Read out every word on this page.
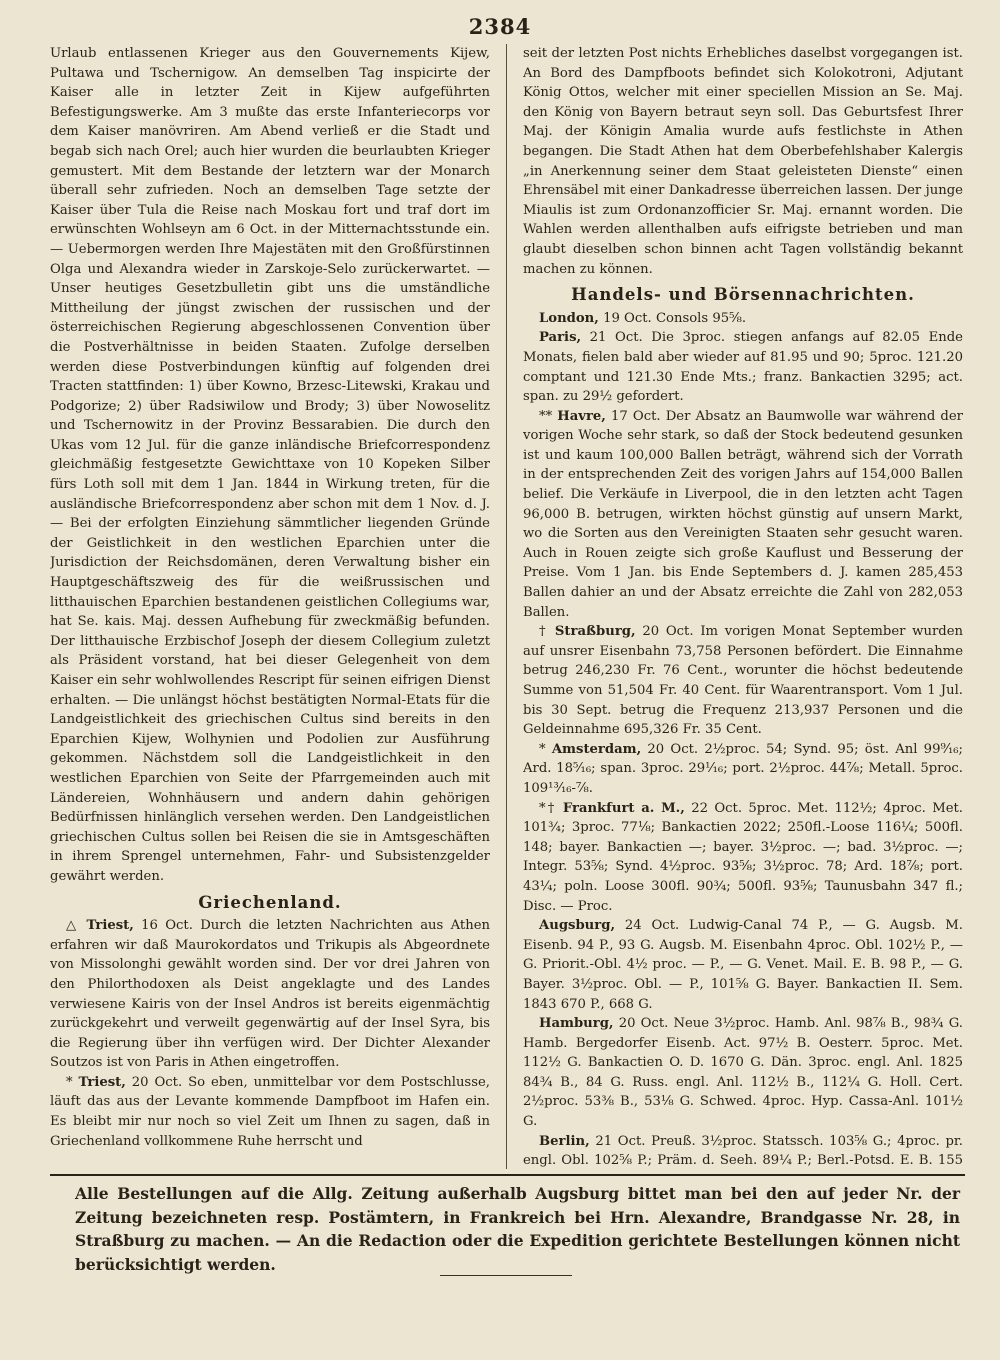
2384

Urlaub entlassenen Krieger aus den Gouvernements Kijew, Pultawa und Tschernigow. An demselben Tag inspicirte der Kaiser alle in letzter Zeit in Kijew aufgeführten Befestigungswerke. Am 3 mußte das erste Infanteriecorps vor dem Kaiser manövriren. Am Abend verließ er die Stadt und begab sich nach Orel; auch hier wurden die beurlaubten Krieger gemustert. Mit dem Bestande der letztern war der Monarch überall sehr zufrieden. Noch an demselben Tage setzte der Kaiser über Tula die Reise nach Moskau fort und traf dort im erwünschten Wohlseyn am 6 Oct. in der Mitternachtsstunde ein. — Uebermorgen werden Ihre Majestäten mit den Großfürstinnen Olga und Alexandra wieder in Zarskoje-Selo zurückerwartet. — Unser heutiges Gesetzbulletin gibt uns die umständliche Mittheilung der jüngst zwischen der russischen und der österreichischen Regierung abgeschlossenen Convention über die Postverhältnisse in beiden Staaten. Zufolge derselben werden diese Postverbindungen künftig auf folgenden drei Tracten stattfinden: 1) über Kowno, Brzesc-Litewski, Krakau und Podgorize; 2) über Radsiwilow und Brody; 3) über Nowoselitz und Tschernowitz in der Provinz Bessarabien. Die durch den Ukas vom 12 Jul. für die ganze inländische Briefcorrespondenz gleichmäßig festgesetzte Gewichttaxe von 10 Kopeken Silber fürs Loth soll mit dem 1 Jan. 1844 in Wirkung treten, für die ausländische Briefcorrespondenz aber schon mit dem 1 Nov. d. J. — Bei der erfolgten Einziehung sämmtlicher liegenden Gründe der Geistlichkeit in den westlichen Eparchien unter die Jurisdiction der Reichsdomänen, deren Verwaltung bisher ein Hauptgeschäftszweig des für die weißrussischen und litthauischen Eparchien bestandenen geistlichen Collegiums war, hat Se. kais. Maj. dessen Aufhebung für zweckmäßig befunden. Der litthauische Erzbischof Joseph der diesem Collegium zuletzt als Präsident vorstand, hat bei dieser Gelegenheit von dem Kaiser ein sehr wohlwollendes Rescript für seinen eifrigen Dienst erhalten. — Die unlängst höchst bestätigten Normal-Etats für die Landgeistlichkeit des griechischen Cultus sind bereits in den Eparchien Kijew, Wolhynien und Podolien zur Ausführung gekommen. Nächstdem soll die Landgeistlichkeit in den westlichen Eparchien von Seite der Pfarrgemeinden auch mit Ländereien, Wohnhäusern und andern dahin gehörigen Bedürfnissen hinlänglich versehen werden. Den Landgeistlichen griechischen Cultus sollen bei Reisen die sie in Amtsgeschäften in ihrem Sprengel unternehmen, Fahr- und Subsistenzgelder gewährt werden.

Griechenland.

△ Triest, 16 Oct. Durch die letzten Nachrichten aus Athen erfahren wir daß Maurokordatos und Trikupis als Abgeordnete von Missolonghi gewählt worden sind. Der vor drei Jahren von den Philorthodoxen als Deist angeklagte und des Landes verwiesene Kairis von der Insel Andros ist bereits eigenmächtig zurückgekehrt und verweilt gegenwärtig auf der Insel Syra, bis die Regierung über ihn verfügen wird. Der Dichter Alexander Soutzos ist von Paris in Athen eingetroffen.

* Triest, 20 Oct. So eben, unmittelbar vor dem Postschlusse, läuft das aus der Levante kommende Dampfboot im Hafen ein. Es bleibt mir nur noch so viel Zeit um Ihnen zu sagen, daß in Griechenland vollkommene Ruhe herrscht und

seit der letzten Post nichts Erhebliches daselbst vorgegangen ist. An Bord des Dampfboots befindet sich Kolokotroni, Adjutant König Ottos, welcher mit einer speciellen Mission an Se. Maj. den König von Bayern betraut seyn soll. Das Geburtsfest Ihrer Maj. der Königin Amalia wurde aufs festlichste in Athen begangen. Die Stadt Athen hat dem Oberbefehlshaber Kalergis „in Anerkennung seiner dem Staat geleisteten Dienste“ einen Ehrensäbel mit einer Dankadresse überreichen lassen. Der junge Miaulis ist zum Ordonanzofficier Sr. Maj. ernannt worden. Die Wahlen werden allenthalben aufs eifrigste betrieben und man glaubt dieselben schon binnen acht Tagen vollständig bekannt machen zu können.

Handels- und Börsennachrichten.

London, 19 Oct. Consols 95⅝.

Paris, 21 Oct. Die 3proc. stiegen anfangs auf 82.05 Ende Monats, fielen bald aber wieder auf 81.95 und 90; 5proc. 121.20 comptant und 121.30 Ende Mts.; franz. Bankactien 3295; act. span. zu 29½ gefordert.

** Havre, 17 Oct. Der Absatz an Baumwolle war während der vorigen Woche sehr stark, so daß der Stock bedeutend gesunken ist und kaum 100,000 Ballen beträgt, während sich der Vorrath in der entsprechenden Zeit des vorigen Jahrs auf 154,000 Ballen belief. Die Verkäufe in Liverpool, die in den letzten acht Tagen 96,000 B. betrugen, wirkten höchst günstig auf unsern Markt, wo die Sorten aus den Vereinigten Staaten sehr gesucht waren. Auch in Rouen zeigte sich große Kauflust und Besserung der Preise. Vom 1 Jan. bis Ende Septembers d. J. kamen 285,453 Ballen dahier an und der Absatz erreichte die Zahl von 282,053 Ballen.

† Straßburg, 20 Oct. Im vorigen Monat September wurden auf unsrer Eisenbahn 73,758 Personen befördert. Die Einnahme betrug 246,230 Fr. 76 Cent., worunter die höchst bedeutende Summe von 51,504 Fr. 40 Cent. für Waarentransport. Vom 1 Jul. bis 30 Sept. betrug die Frequenz 213,937 Personen und die Geldeinnahme 695,326 Fr. 35 Cent.

* Amsterdam, 20 Oct. 2½proc. 54; Synd. 95; öst. Anl 99⁹⁄₁₆; Ard. 18⁵⁄₁₆; span. 3proc. 29¹⁄₁₆; port. 2½proc. 44⅞; Metall. 5proc. 109¹³⁄₁₆-⅞.

*† Frankfurt a. M., 22 Oct. 5proc. Met. 112½; 4proc. Met. 101¾; 3proc. 77⅛; Bankactien 2022; 250fl.-Loose 116¼; 500fl. 148; bayer. Bankactien —; bayer. 3½proc. —; bad. 3½proc. —; Integr. 53⅝; Synd. 4½proc. 93⅝; 3½proc. 78; Ard. 18⅞; port. 43¼; poln. Loose 300fl. 90¾; 500fl. 93⅝; Taunusbahn 347 fl.; Disc. — Proc.

Augsburg, 24 Oct. Ludwig-Canal 74 P., — G. Augsb. M. Eisenb. 94 P., 93 G. Augsb. M. Eisenbahn 4proc. Obl. 102½ P., — G. Priorit.-Obl. 4½ proc. — P., — G. Venet. Mail. E. B. 98 P., — G. Bayer. 3½proc. Obl. — P., 101⅝ G. Bayer. Bankactien II. Sem. 1843 670 P., 668 G.

Hamburg, 20 Oct. Neue 3½proc. Hamb. Anl. 98⅞ B., 98¾ G. Hamb. Bergedorfer Eisenb. Act. 97½ B. Oesterr. 5proc. Met. 112½ G. Bankactien O. D. 1670 G. Dän. 3proc. engl. Anl. 1825 84¾ B., 84 G. Russ. engl. Anl. 112½ B., 112¼ G. Holl. Cert. 2½proc. 53⅜ B., 53⅛ G. Schwed. 4proc. Hyp. Cassa-Anl. 101½ G.

Berlin, 21 Oct. Preuß. 3½proc. Statssch. 103⅝ G.; 4proc. pr. engl. Obl. 102⅝ P.; Präm. d. Seeh. 89¼ P.; Berl.-Potsd. E. B. 155

Alle Bestellungen auf die Allg. Zeitung außerhalb Augsburg bittet man bei den auf jeder Nr. der Zeitung bezeichneten resp. Postämtern, in Frankreich bei Hrn. Alexandre, Brandgasse Nr. 28, in Straßburg zu machen. — An die Redaction oder die Expedition gerichtete Bestellungen können nicht berücksichtigt werden.
